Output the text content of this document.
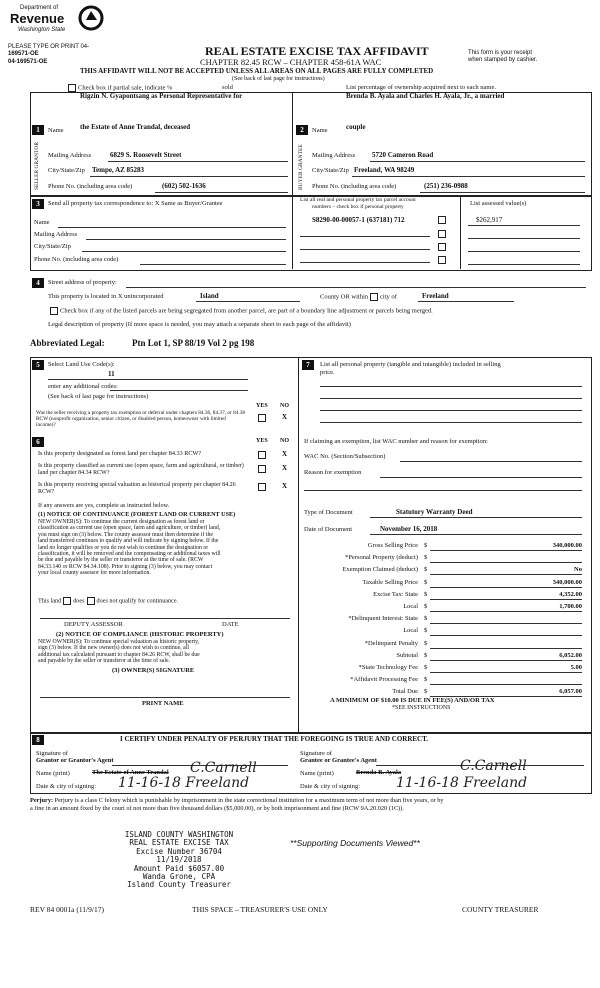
Department of
Revenue
Washington State
PLEASE TYPE OR PRINT 04-
169571-OE
04-169571-OE
REAL ESTATE EXCISE TAX AFFIDAVIT
CHAPTER 82.45 RCW – CHAPTER 458-61A WAC
This form is your receipt
when stamped by cashier.
THIS AFFIDAVIT WILL NOT BE ACCEPTED UNLESS ALL AREAS ON ALL PAGES ARE FULLY COMPLETED
(See back of last page for instructions)
Check box if partial sale, indicate %	sold	List percentage of ownership acquired next to each name.
1	2
SELLER GRANTOR	BUYER GRANTEE
Rigzin N. Gyapontsang as Personal Representative for
Name the Estate of Anne Trandal, deceased
Mailing Address	6829 S. Roosevelt Street
City/State/Zip Tempe, AZ 85283
Phone No. (including area code)	(602) 502-1636
Brenda B. Ayala and Charles H. Ayala, Jr., a married
Name	couple
Mailing Address 5720 Cameron Road
City/State/Zip Freeland, WA 98249
Phone No. (including area code)	(251) 236-0988
3	Send all property tax correspondence to: X Same as Buyer/Grantee
Name
Mailing Address
City/State/Zip
Phone No. (including area code)
List all real and personal property tax parcel account
numbers – check box if personal property
S8290-00-00057-1 (637181) 712
List assessed value(s)
$262,917
4	Street address of property:
This property is located in X unincorporated	Island	County OR within city of	Freeland
Check box if any of the listed parcels are being segregated from another parcel, are part of a boundary line adjustment or parcels being merged.
Legal description of property (If more space is needed, you may attach a separate sheet to each page of the affidavit)
Abbreviated Legal:	Ptn Lot 1, SP 88/19 Vol 2 pg 198
5	Select Land Use Code(s):
11
enter any additional codes:
(See back of last page for instructions)
YES NO
Was the seller receiving a property tax exemption or deferral under chapters 84.36, 84.37, or 84.38 RCW (nonprofit organization, senior citizen, or disabled person, homeowner with limited income)?
X
6	YES NO
Is this property designated as forest land per chapter 84.33 RCW?	X
Is this property classified as current use (open space, farm and agricultural, or timber) land per chapter 84.34 RCW?
X
Is this property receiving special valuation as historical property per chapter 84.26 RCW?
X
If any answers are yes, complete as instructed below.
(1) NOTICE OF CONTINUANCE (FOREST LAND OR CURRENT USE)
NEW OWNER(S): To continue the current designation as forest land or
classification as current use (open space, farm and agriculture, or timber) land,
you must sign on (3) below. The county assessor must then determine if the
land transferred continues to qualify and will indicate by signing below. If the
land no longer qualifies or you do not wish to continue the designation or
classification, it will be removed and the compensating or additional taxes will
be due and payable by the seller or transferor at the time of sale. (RCW
84.33.140 or RCW 84.34.108). Prior to signing (3) below, you may contact
your local county assessor for more information.
This land does does not qualify for continuance.
DEPUTY ASSESSOR	DATE
(2) NOTICE OF COMPLIANCE (HISTORIC PROPERTY)
NEW OWNER(S): To continue special valuation as historic property,
sign (3) below. If the new owner(s) does not wish to continue, all
additional tax calculated pursuant to chapter 84.26 RCW, shall be due
and payable by the seller or transferor at the time of sale.
(3) OWNER(S) SIGNATURE
PRINT NAME
7	List all personal property (tangible and intangible) included in selling
price.
If claiming an exemption, list WAC number and reason for exemption:
WAC No. (Section/Subsection)
Reason for exemption
Type of Document	Statutory Warranty Deed
Date of Document	November 16, 2018
Gross Selling Price $	340,000.00
*Personal Property (deduct) $
Exemption Claimed (deduct) $	No
Taxable Selling Price $	340,000.00
Excise Tax: State $	4,352.00
Local $	1,700.00
*Delinquent Interest: State $
Local $
*Delinquent Penalty $
Subtotal $	6,052.00
*State Technology Fee $	5.00
*Affidavit Processing Fee $
Total Due $	6,057.00
A MINIMUM OF $10.00 IS DUE IN FEE(S) AND/OR TAX
*SEE INSTRUCTIONS
8	I CERTIFY UNDER PENALTY OF PERJURY THAT THE FOREGOING IS TRUE AND CORRECT.
Signature of
Grantor or Grantor's Agent
Name (print)	The Estate of Anne Trandal C.Carnell
Date & city of signing: 11-16-18 Freeland
Signature of
Grantee or Grantee's Agent
Name (print)	Brenda B. Ayala	C.Carnell
Date & city of signing:	11-16-18 Freeland
Perjury: Perjury is a class C felony which is punishable by imprisonment in the state correctional institution for a maximum term of not more than five years, or by
a fine in an amount fixed by the court of not more than five thousand dollars ($5,000.00), or by both imprisonment and fine (RCW 9A.20.020 (1C)).
ISLAND COUNTY WASHINGTON
REAL ESTATE EXCISE TAX
Excise Number 36704
11/19/2018
Amount Paid $6057.00
Wanda Grone, CPA
Island County Treasurer
**Supporting Documents Viewed**
REV 84 0001a (11/9/17)	THIS SPACE – TREASURER'S USE ONLY	COUNTY TREASURER
